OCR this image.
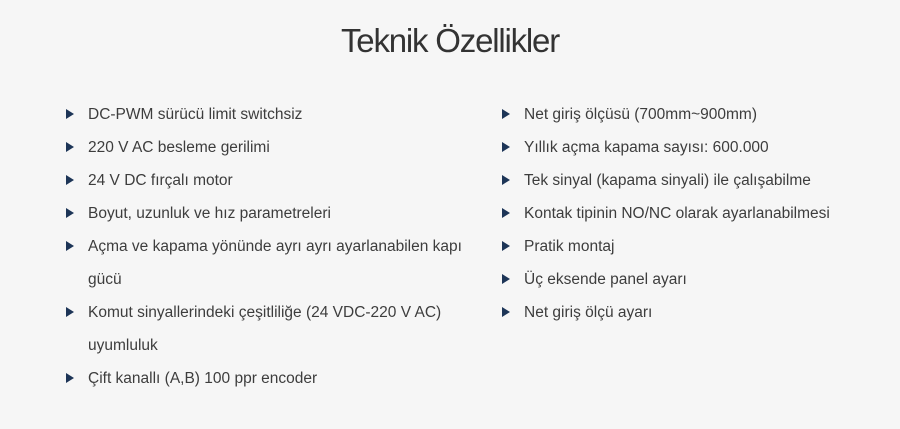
Teknik Özellikler
DC-PWM sürücü limit switchsiz
220 V AC besleme gerilimi
24 V DC fırçalı motor
Boyut, uzunluk ve hız parametreleri
Açma ve kapama yönünde ayrı ayrı ayarlanabilen kapı gücü
Komut sinyallerindeki çeşitliliğe (24 VDC-220 V AC) uyumluluk
Çift kanallı (A,B) 100 ppr encoder
Net giriş ölçüsü (700mm~900mm)
Yıllık açma kapama sayısı: 600.000
Tek sinyal (kapama sinyali) ile çalışabilme
Kontak tipinin NO/NC olarak ayarlanabilmesi
Pratik montaj
Üç eksende panel ayarı
Net giriş ölçü ayarı
